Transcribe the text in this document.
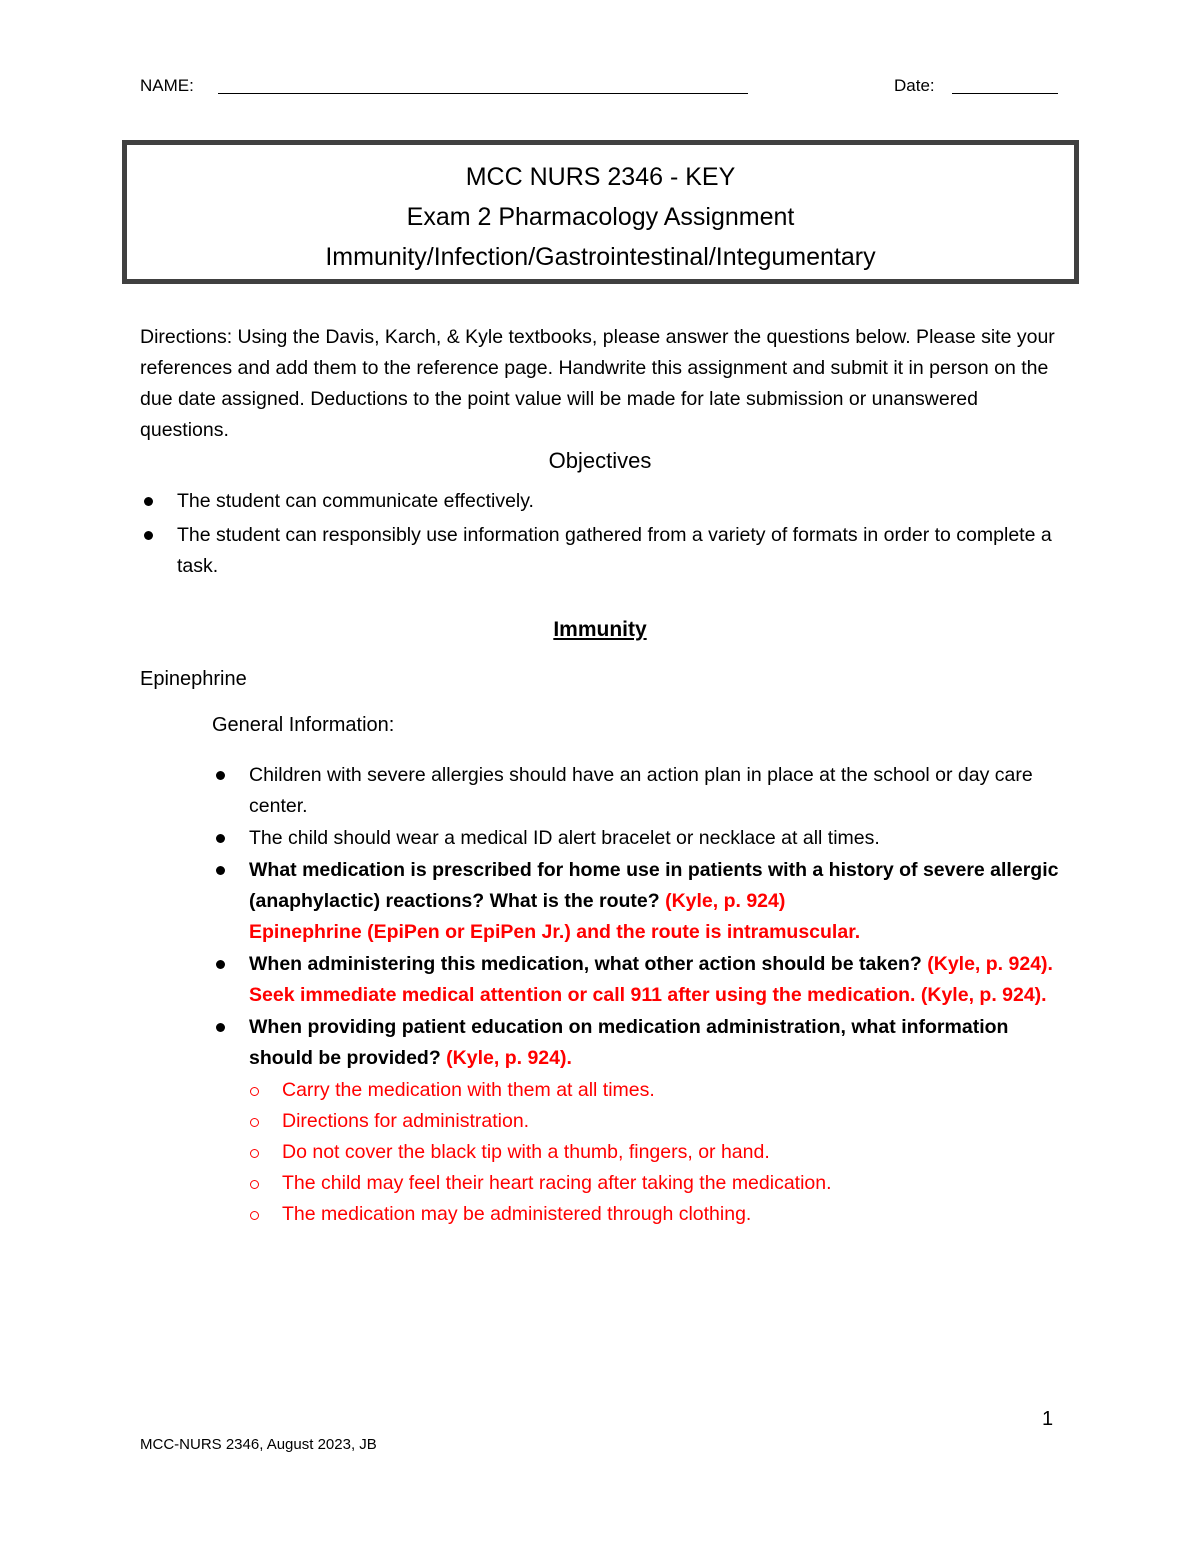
NAME:	Date:
MCC NURS 2346 - KEY
Exam 2 Pharmacology Assignment
Immunity/Infection/Gastrointestinal/Integumentary
Directions: Using the Davis, Karch, & Kyle textbooks, please answer the questions below. Please site your references and add them to the reference page. Handwrite this assignment and submit it in person on the due date assigned. Deductions to the point value will be made for late submission or unanswered questions.
Objectives
The student can communicate effectively.
The student can responsibly use information gathered from a variety of formats in order to complete a task.
Immunity
Epinephrine
General Information:
Children with severe allergies should have an action plan in place at the school or day care center.
The child should wear a medical ID alert bracelet or necklace at all times.
What medication is prescribed for home use in patients with a history of severe allergic (anaphylactic) reactions? What is the route? (Kyle, p. 924)
Epinephrine (EpiPen or EpiPen Jr.) and the route is intramuscular.
When administering this medication, what other action should be taken? (Kyle, p. 924).
Seek immediate medical attention or call 911 after using the medication. (Kyle, p. 924).
When providing patient education on medication administration, what information should be provided? (Kyle, p. 924).
Carry the medication with them at all times.
Directions for administration.
Do not cover the black tip with a thumb, fingers, or hand.
The child may feel their heart racing after taking the medication.
The medication may be administered through clothing.
1
MCC-NURS 2346, August 2023, JB
